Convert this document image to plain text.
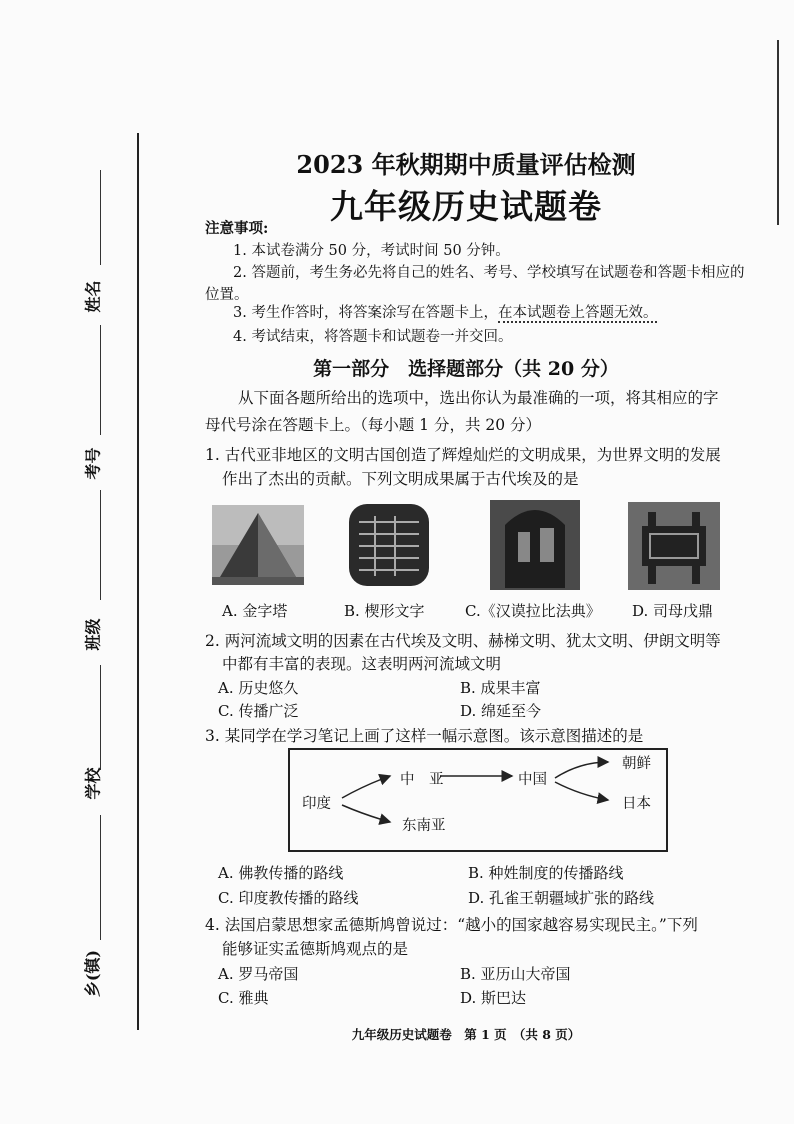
姓名
考号
班级
学校
乡(镇)
2023 年秋期期中质量评估检测
九年级历史试题卷
注意事项:
1. 本试卷满分 50 分，考试时间 50 分钟。
2. 答题前，考生务必先将自己的姓名、考号、学校填写在试题卷和答题卡相应的
位置。
3. 考生作答时，将答案涂写在答题卡上，在本试题卷上答题无效。
4. 考试结束，将答题卡和试题卷一并交回。
第一部分　选择题部分（共 20 分）
从下面各题所给出的选项中，选出你认为最准确的一项，将其相应的字
母代号涂在答题卡上。（每小题 1 分，共 20 分）
1. 古代亚非地区的文明古国创造了辉煌灿烂的文明成果，为世界文明的发展
作出了杰出的贡献。下列文明成果属于古代埃及的是
A. 金字塔	B. 楔形文字	C.《汉谟拉比法典》 D. 司母戊鼎
2. 两河流域文明的因素在古代埃及文明、赫梯文明、犹太文明、伊朗文明等
中都有丰富的表现。这表明两河流域文明
A. 历史悠久	B. 成果丰富
C. 传播广泛	D. 绵延至今
3. 某同学在学习笔记上画了这样一幅示意图。该示意图描述的是
印度
中　亚
东南亚
中国
朝鲜
日本
A. 佛教传播的路线	B. 种姓制度的传播路线
C. 印度教传播的路线	D. 孔雀王朝疆域扩张的路线
4. 法国启蒙思想家孟德斯鸠曾说过：“越小的国家越容易实现民主。”下列
能够证实孟德斯鸠观点的是
A. 罗马帝国	B. 亚历山大帝国
C. 雅典	D. 斯巴达
九年级历史试题卷　第 1 页　（共 8 页）
